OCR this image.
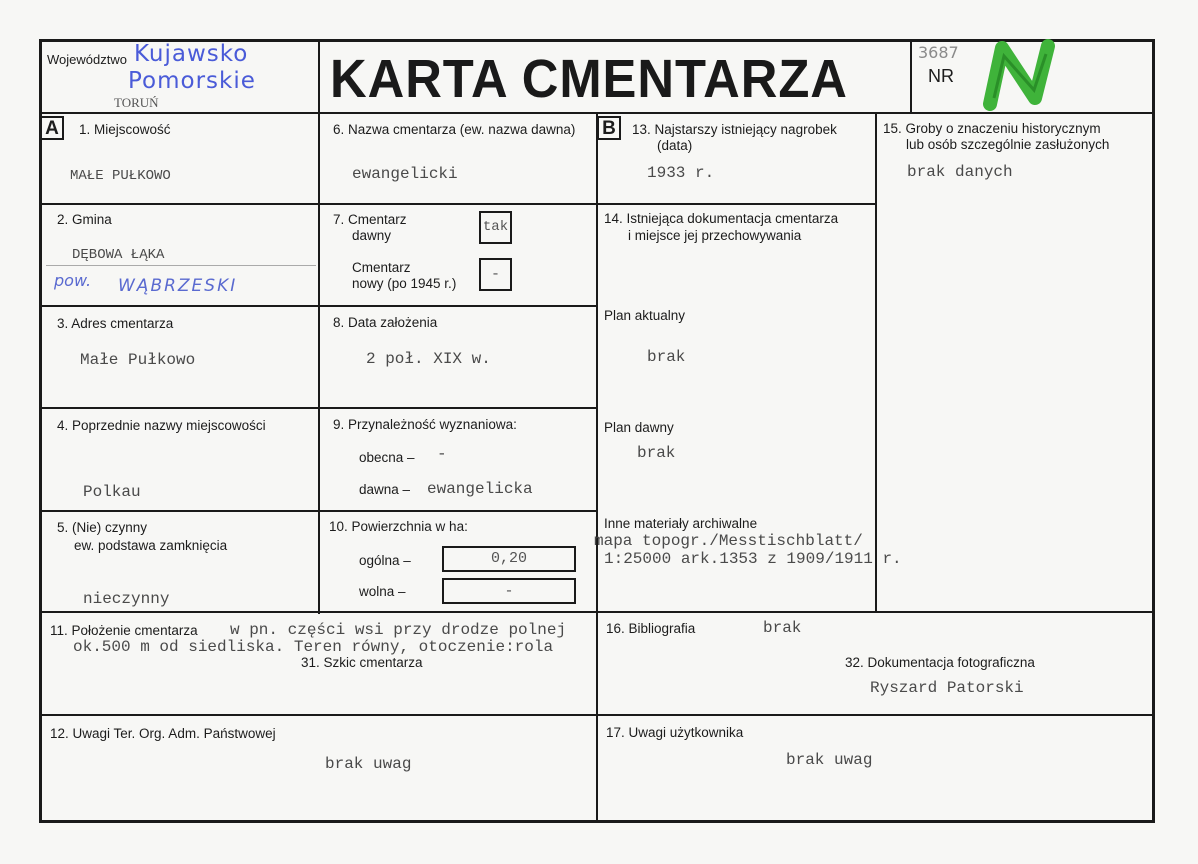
Województwo Kujawsko
Pomorskie
TORUŃ	KARTA CMENTARZA	NR
3687
A	B
1. Miejscowość
MAŁE PUŁKOWO
2. Gmina
DĘBOWA ŁĄKA
pow. WĄBRZESKI
3. Adres cmentarza
Małe Pułkowo
4. Poprzednie nazwy miejscowości
Polkau
5. (Nie) czynny
ew. podstawa zamknięcia
nieczynny
6. Nazwa cmentarza (ew. nazwa dawna)
ewangelicki
7. Cmentarz
dawny
tak
Cmentarz
nowy (po 1945 r.)
-
8. Data założenia
2 poł. XIX w.
9. Przynależność wyznaniowa:
obecna – -
dawna – ewangelicka
10. Powierzchnia w ha:
ogólna –	0,20
wolna –	-
11. Położenie cmentarza w pn. części wsi przy drodze polnej
ok.500 m od siedliska. Teren równy, otoczenie:rola
31. Szkic cmentarza
12. Uwagi Ter. Org. Adm. Państwowej
brak uwag
13. Najstarszy istniejący nagrobek
(data)
1933 r.
14. Istniejąca dokumentacja cmentarza
i miejsce jej przechowywania
Plan aktualny
brak
Plan dawny
brak
Inne materiały archiwalne
mapa topogr./Messtischblatt/
1:25000 ark.1353 z 1909/1911 r.
15. Groby o znaczeniu historycznym
lub osób szczególnie zasłużonych
brak danych
16. Bibliografia	brak
32. Dokumentacja fotograficzna
Ryszard Patorski
17. Uwagi użytkownika
brak uwag
